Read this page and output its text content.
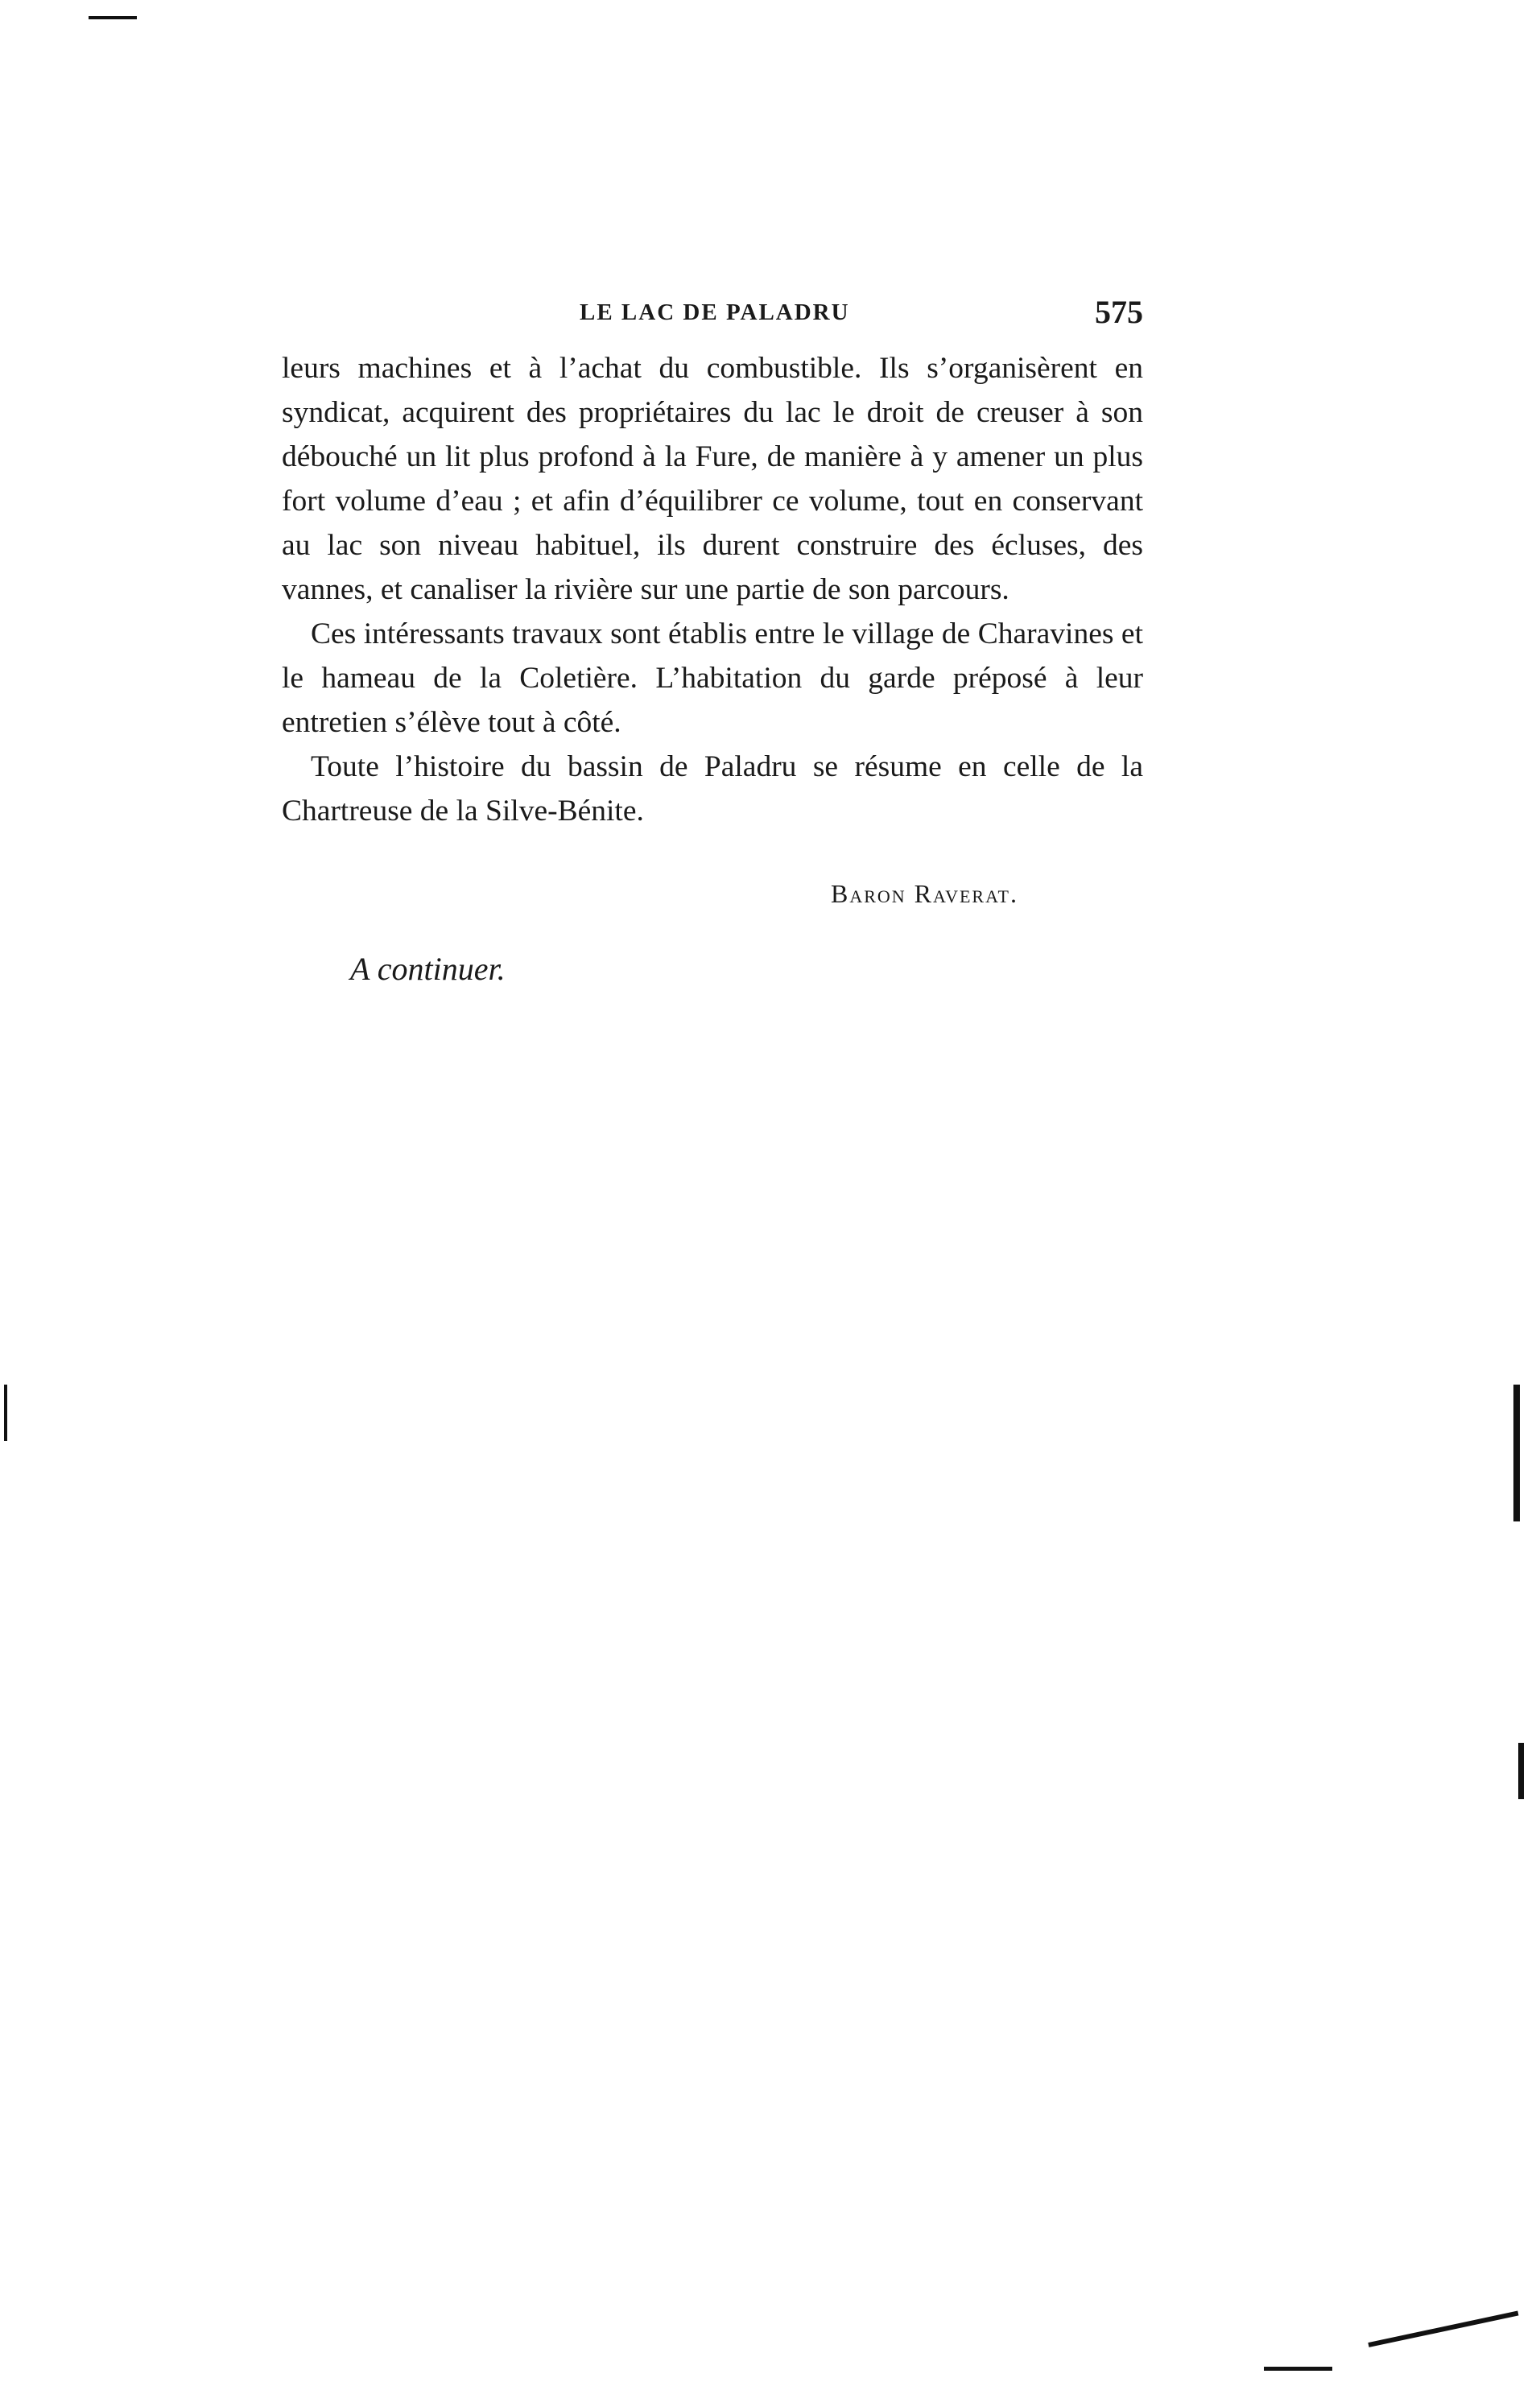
LE LAC DE PALADRU	575

leurs machines et à l’achat du combustible. Ils s’organisèrent en syndicat, acquirent des propriétaires du lac le droit de creuser à son débouché un lit plus profond à la Fure, de manière à y amener un plus fort volume d’eau ; et afin d’équilibrer ce volume, tout en conservant au lac son niveau habituel, ils durent construire des écluses, des vannes, et canaliser la rivière sur une partie de son parcours.

Ces intéressants travaux sont établis entre le village de Charavines et le hameau de la Coletière. L’habitation du garde préposé à leur entretien s’élève tout à côté.

Toute l’histoire du bassin de Paladru se résume en celle de la Chartreuse de la Silve-Bénite.

Baron Raverat.
A continuer.
